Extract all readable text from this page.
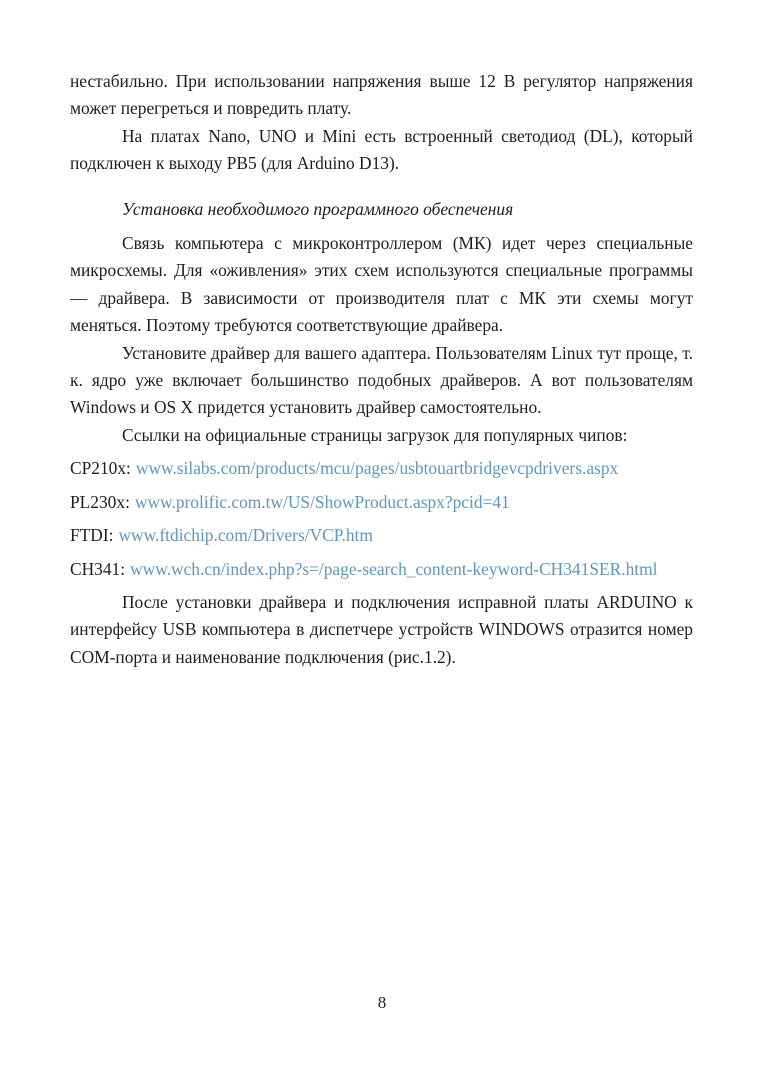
нестабильно. При использовании напряжения выше 12 В регулятор напряжения может перегреться и повредить плату.

На платах Nano, UNO и Mini есть встроенный светодиод (DL), который подключен к выходу PB5 (для Arduino D13).

Установка необходимого программного обеспечения

Связь компьютера с микроконтроллером (МК) идет через специальные микросхемы. Для «оживления» этих схем используются специальные программы — драйвера. В зависимости от производителя плат с МК эти схемы могут меняться. Поэтому требуются соответствующие драйвера.

Установите драйвер для вашего адаптера. Пользователям Linux тут проще, т. к. ядро уже включает большинство подобных драйверов. А вот пользователям Windows и OS X придется установить драйвер самостоятельно.

Ссылки на официальные страницы загрузок для популярных чипов:

CP210x: www.silabs.com/products/mcu/pages/usbtouartbridgevcpdrivers.aspx

PL230x: www.prolific.com.tw/US/ShowProduct.aspx?pcid=41

FTDI: www.ftdichip.com/Drivers/VCP.htm

CH341: www.wch.cn/index.php?s=/page-search_content-keyword-CH341SER.html

После установки драйвера и подключения исправной платы ARDUINO к интерфейсу USB компьютера в диспетчере устройств WINDOWS отразится номер COM-порта и наименование подключения (рис.1.2).

8
